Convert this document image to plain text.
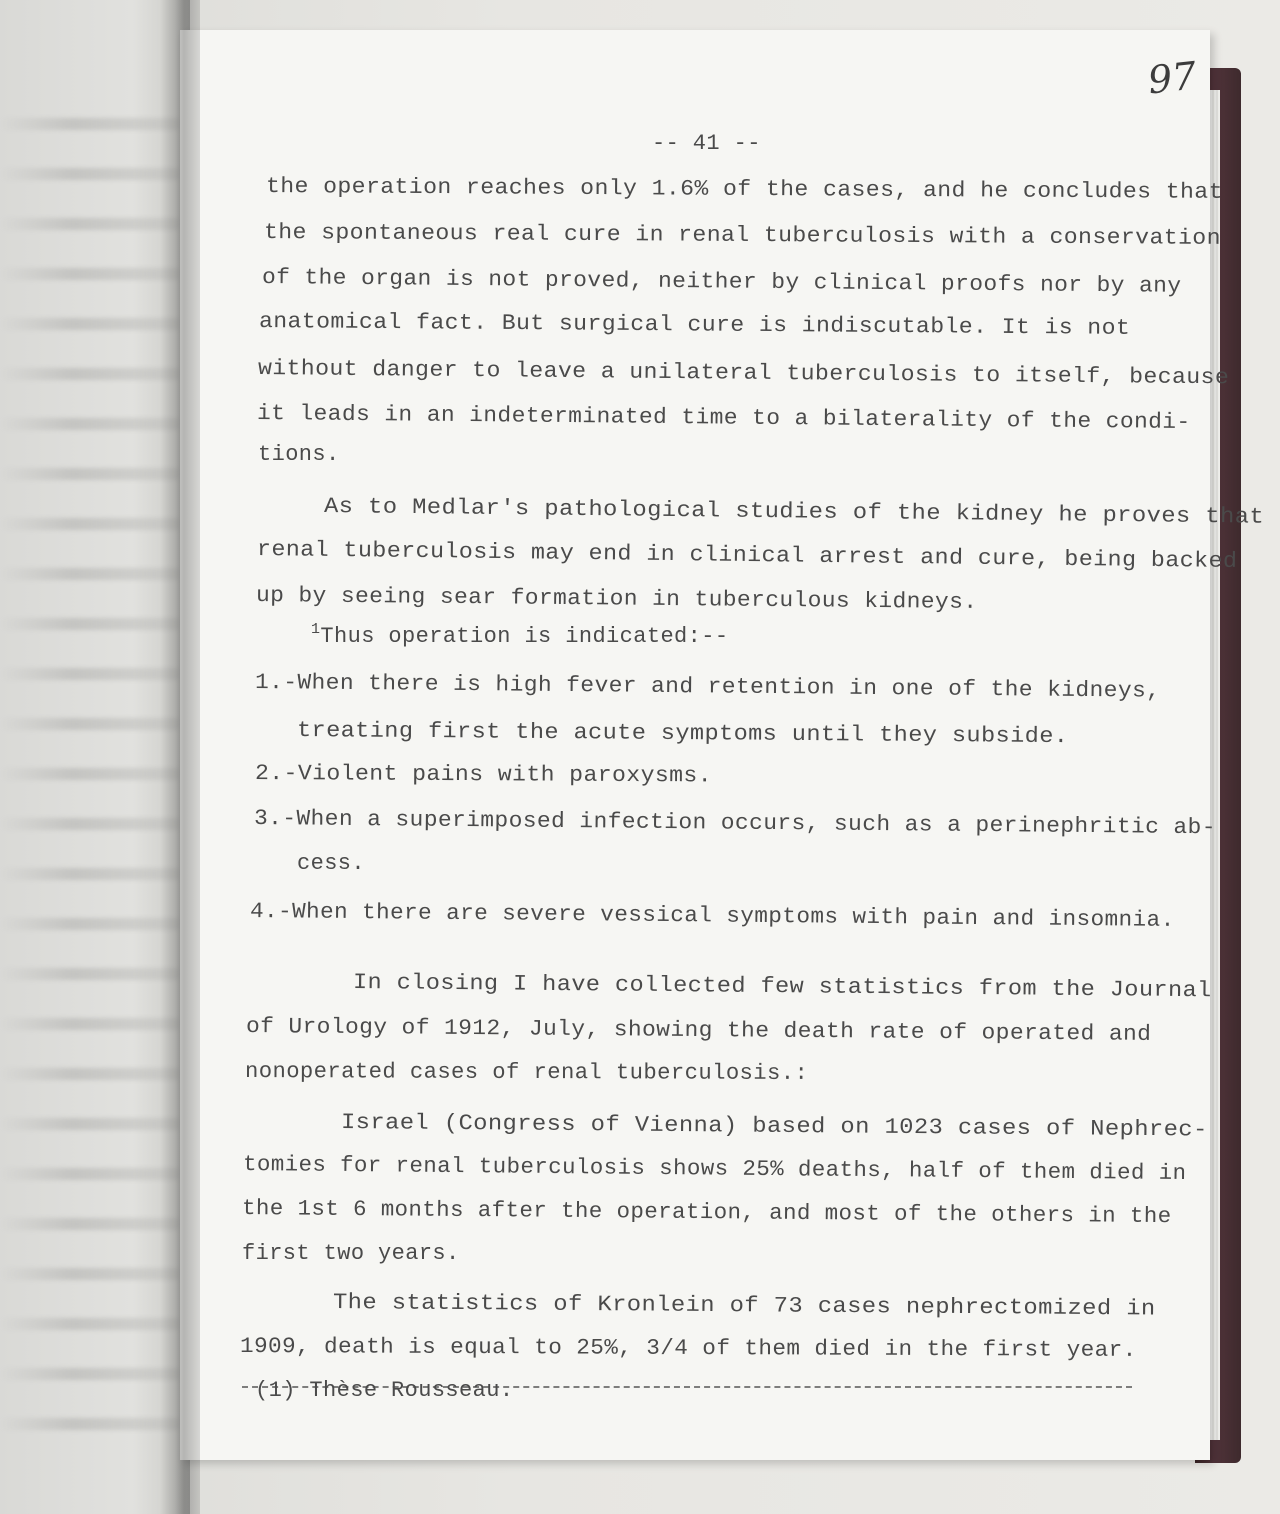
97
-- 41 --
the operation reaches only 1.6% of the cases, and he concludes that
the spontaneous real cure in renal tuberculosis with a conservation
of the organ is not proved, neither by clinical proofs nor by any
anatomical fact. But surgical cure is indiscutable. It is not
without danger to leave a unilateral tuberculosis to itself, because
it leads in an indeterminated time to a bilaterality of the condi-
tions.
As to Medlar's pathological studies of the kidney he proves that
renal tuberculosis may end in clinical arrest and cure, being backed
up by seeing sear formation in tuberculous kidneys.
$^1$Thus operation is indicated:--
1.-When there is high fever and retention in one of the kidneys,
treating first the acute symptoms until they subside.
2.-Violent pains with paroxysms.
3.-When a superimposed infection occurs, such as a perinephritic ab-
cess.
4.-When there are severe vessical symptoms with pain and insomnia.
In closing I have collected few statistics from the Journal
of Urology of 1912, July, showing the death rate of operated and
nonoperated cases of renal tuberculosis.:
Israel (Congress of Vienna) based on 1023 cases of Nephrec-
tomies for renal tuberculosis shows 25% deaths, half of them died in
the 1st 6 months after the operation, and most of the others in the
first two years.
The statistics of Kronlein of 73 cases nephrectomized in
1909, death is equal to 25%, 3/4 of them died in the first year.
(1) Thèse Rousseau.
